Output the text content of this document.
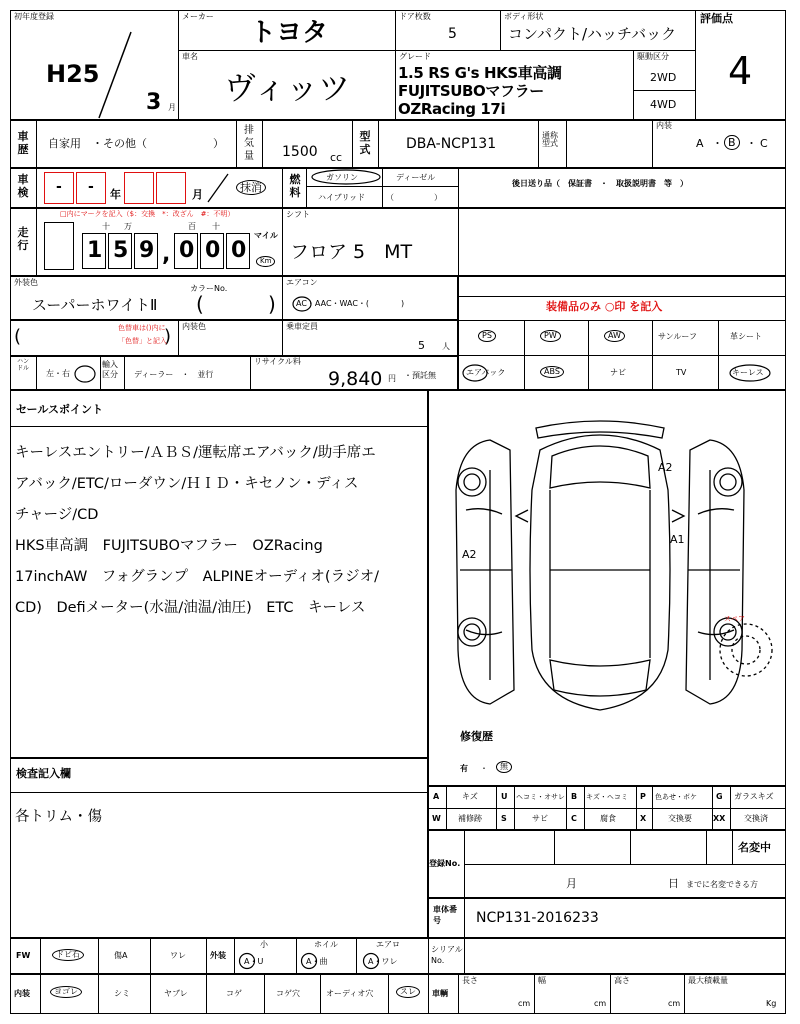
初年度登録
H25
3 月
メーカー
トヨタ
車名
ヴィッツ
ドア枚数
5
ボディ形状
コンパクト/ハッチバック
グレード
1.5 RS G's HKS車高調
FUJITSUBOマフラー
OZRacing 17i
駆動区分
2WD
4WD
評価点
4
車歴 自家用　・その他（　　　　　　）
排気量 1500 cc
型式	DBA-NCP131
通称型式
内装
A ・ B ・ C
車検 - - 年	月
抹消
燃料
ガソリン	ディーゼル
ハイブリッド	（　　　　　）
後日送り品（　保証書　・　取扱説明書　等　）
走行
□内にマークを記入（$：交換　*：改ざん　#：不明）
十 万	百 十
1 5 9 , 0 0 0
マイル
Km
シフト
フロア 5　MT
外装色
カラーNo.
スーパーホワイトⅡ (	)
エアコン
AC・AAC・WAC・(　　　　)	装備品のみ ○印 を記入
PS	PW	AW	サンルーフ	革シート
エアバック	ABS	ナビ	TV	キーレス
(	)
色替車は()内に
「色替」と記入
内装色	乗車定員
5 人
ハンドル
左・右
輸入区分	ディーラー　・　並行
リサイクル料
9,840 円 ・預託無
セールスポイント
キーレスエントリー/ＡＢＳ/運転席エアバック/助手席エ
アバック/ETC/ローダウン/ＨＩＤ・キセノン・ディス
チャージ/CD
HKS車高調　FUJITSUBOマフラー　OZRacing
17inchAW　フォグランプ　ALPINEオーディオ(ラジオ/
CD)　Defiメーター(水温/油温/油圧)　ETC　キーレス
A2
A1
A2
スペア
修復歴
有 ・	無
検査記入欄
各トリム・傷
A	キズ	U ヘコミ・オサレ B キズ・ヘコミ P 色あせ・ボケ G ガラスキズ
W 補修跡 S	サビ	C	腐食	X	交換要	XX 交換済
登録No.
名変中
月	日 までに名変できる方
車体番号	NCP131-2016233
FW	ドビ石	傷A	ワレ	外装
小
A・U
ホイル
A・曲
エアロ
A・ワレ
シリアルNo.
内装	ヨゴレ	シミ	ヤブレ	コゲ	コゲ穴	オーディオ穴	スレ	車輌
長さ
cm
幅
cm
高さ
cm
最大積載量
Kg
